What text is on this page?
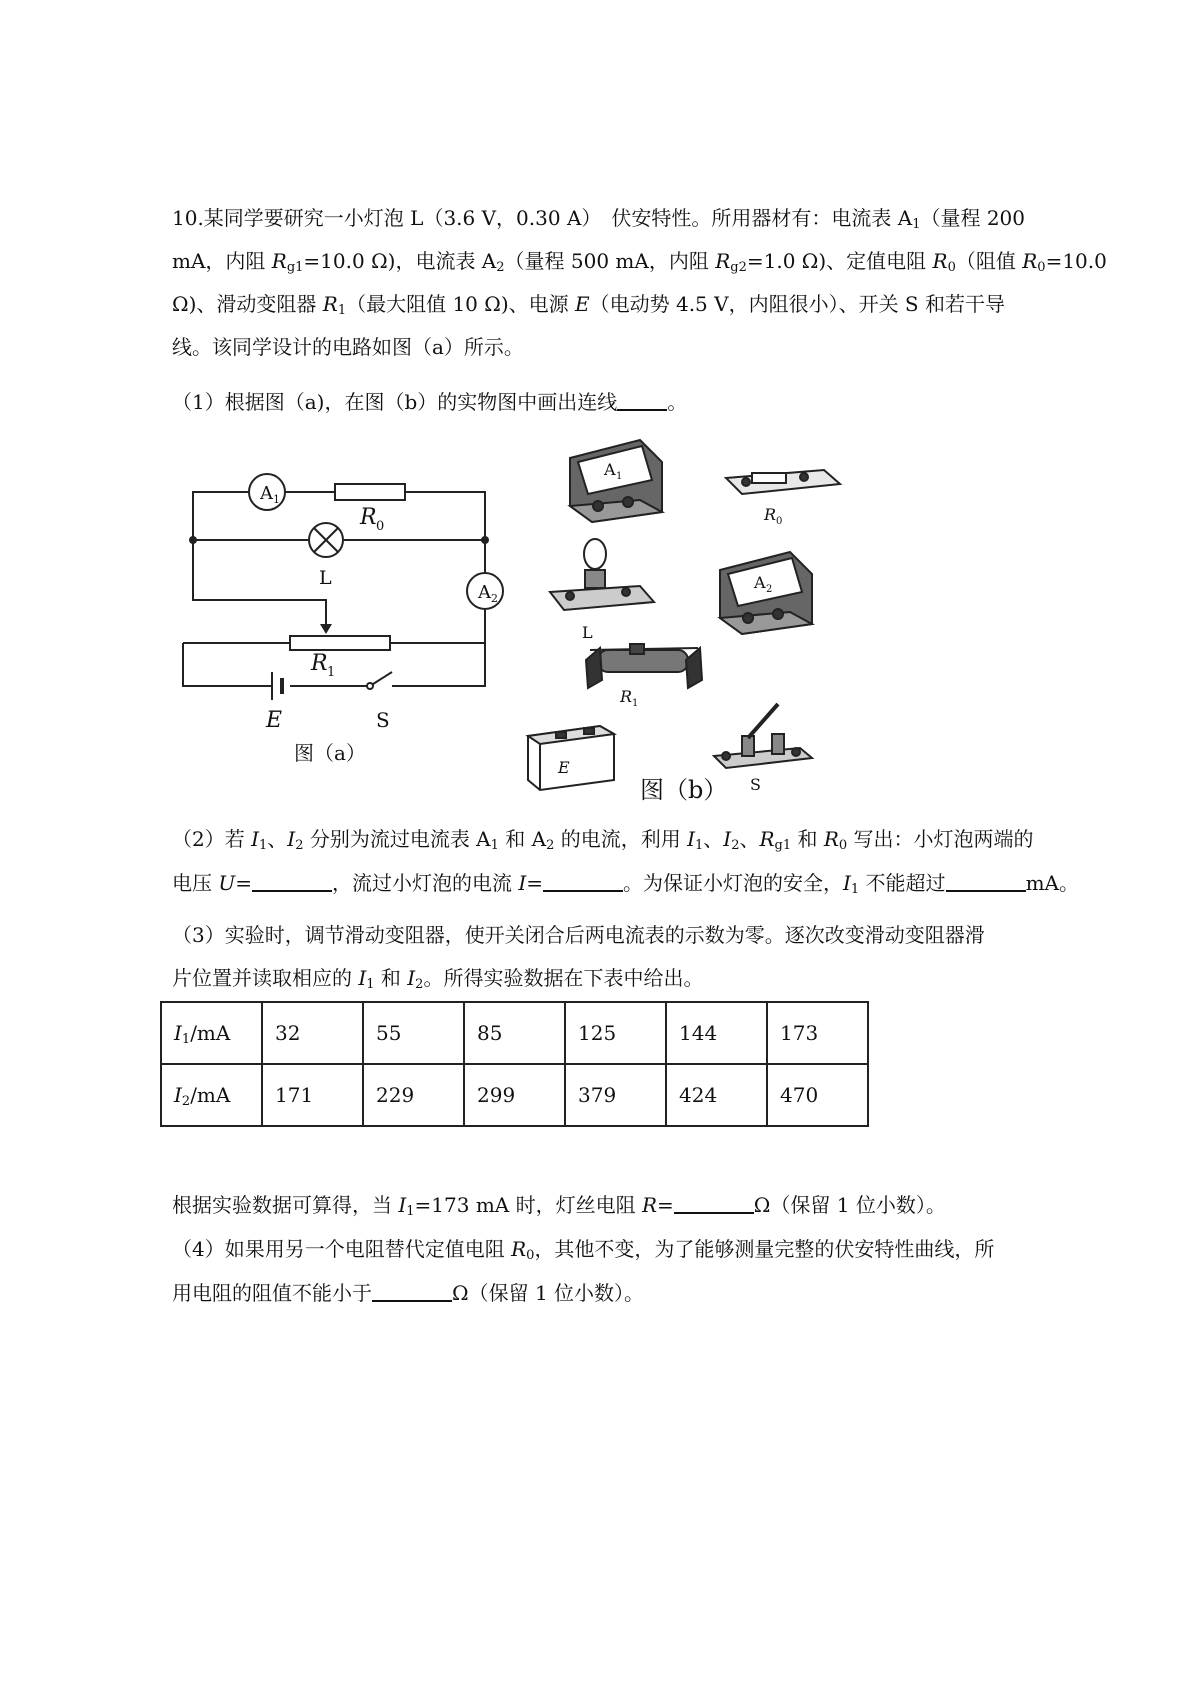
10.某同学要研究一小灯泡 L（3.6 V，0.30 A）　伏安特性。所用器材有：电流表 $A_1$（量程 200
mA，内阻 $R_{g1}=10.0$ Ω)，电流表 $A_2$（量程 500 mA，内阻 $R_{g2}=1.0$ Ω)、定值电阻 $R_0$（阻值 $R_0=10.0$
Ω)、滑动变阻器 $R_1$（最大阻值 10 Ω)、电源 E（电动势 4.5 V，内阻很小）、开关 S 和若干导
线。该同学设计的电路如图（a）所示。
（1）根据图（a)，在图（b）的实物图中画出连线	。
A 1
A 2
R 0
L
R 1
E	S
图（a）
A 1
R 0
L
A 2
R 1
E
S
图（b）
（2）若 $I_1$、$I_2$ 分别为流过电流表 $A_1$ 和 $A_2$ 的电流，利用 $I_1$、$I_2$、$R_{g1}$ 和 $R_0$ 写出：小灯泡两端的
电压 U=	，流过小灯泡的电流 I=	。为保证小灯泡的安全，$I_1$ 不能超过	mA。
（3）实验时，调节滑动变阻器，使开关闭合后两电流表的示数为零。逐次改变滑动变阻器滑
片位置并读取相应的 $I_1$ 和 $I_2$。所得实验数据在下表中给出。
$I_1/mA$	32	55	85	125	144	173
$I_2/mA$	171	229	299	379	424	470
根据实验数据可算得，当 $I_1=173$ mA 时，灯丝电阻 R=	Ω（保留 1 位小数）。
（4）如果用另一个电阻替代定值电阻 $R_0$，其他不变，为了能够测量完整的伏安特性曲线，所
用电阻的阻值不能小于	Ω（保留 1 位小数）。
